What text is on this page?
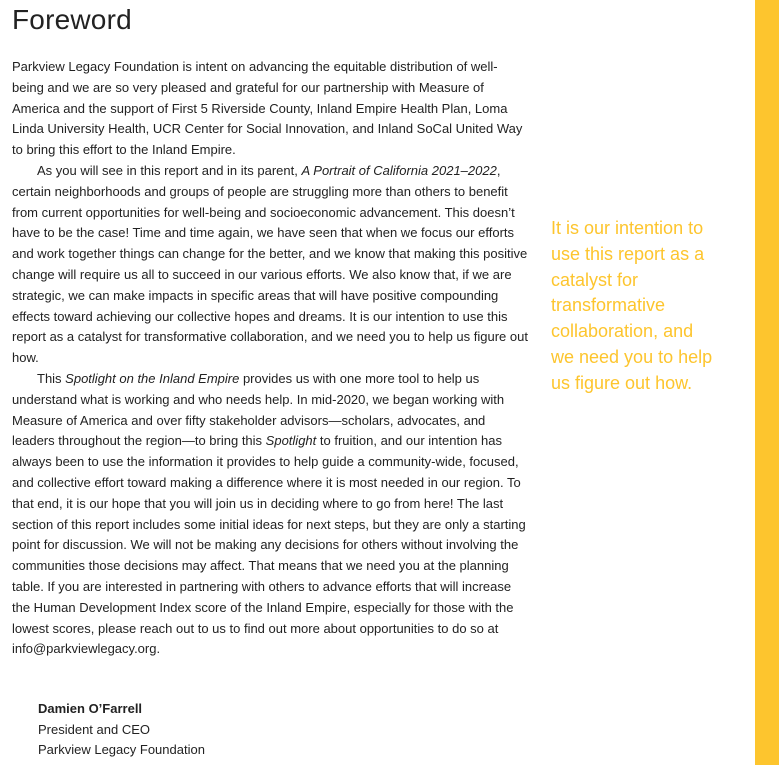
Foreword

Parkview Legacy Foundation is intent on advancing the equitable distribution of well-being and we are so very pleased and grateful for our partnership with Measure of America and the support of First 5 Riverside County, Inland Empire Health Plan, Loma Linda University Health, UCR Center for Social Innovation, and Inland SoCal United Way to bring this effort to the Inland Empire.

As you will see in this report and in its parent, A Portrait of California 2021–2022, certain neighborhoods and groups of people are struggling more than others to benefit from current opportunities for well-being and socioeconomic advancement. This doesn’t have to be the case! Time and time again, we have seen that when we focus our efforts and work together things can change for the better, and we know that making this positive change will require us all to succeed in our various efforts. We also know that, if we are strategic, we can make impacts in specific areas that will have positive compounding effects toward achieving our collective hopes and dreams. It is our intention to use this report as a catalyst for transformative collaboration, and we need you to help us figure out how.

This Spotlight on the Inland Empire provides us with one more tool to help us understand what is working and who needs help. In mid-2020, we began working with Measure of America and over fifty stakeholder advisors—scholars, advocates, and leaders throughout the region—to bring this Spotlight to fruition, and our intention has always been to use the information it provides to help guide a community-wide, focused, and collective effort toward making a difference where it is most needed in our region. To that end, it is our hope that you will join us in deciding where to go from here! The last section of this report includes some initial ideas for next steps, but they are only a starting point for discussion. We will not be making any decisions for others without involving the communities those decisions may affect. That means that we need you at the planning table. If you are interested in partnering with others to advance efforts that will increase the Human Development Index score of the Inland Empire, especially for those with the lowest scores, please reach out to us to find out more about opportunities to do so at info@parkviewlegacy.org.

It is our intention to use this report as a catalyst for transformative collaboration, and we need you to help us figure out how.

Damien O’Farrell
President and CEO
Parkview Legacy Foundation
